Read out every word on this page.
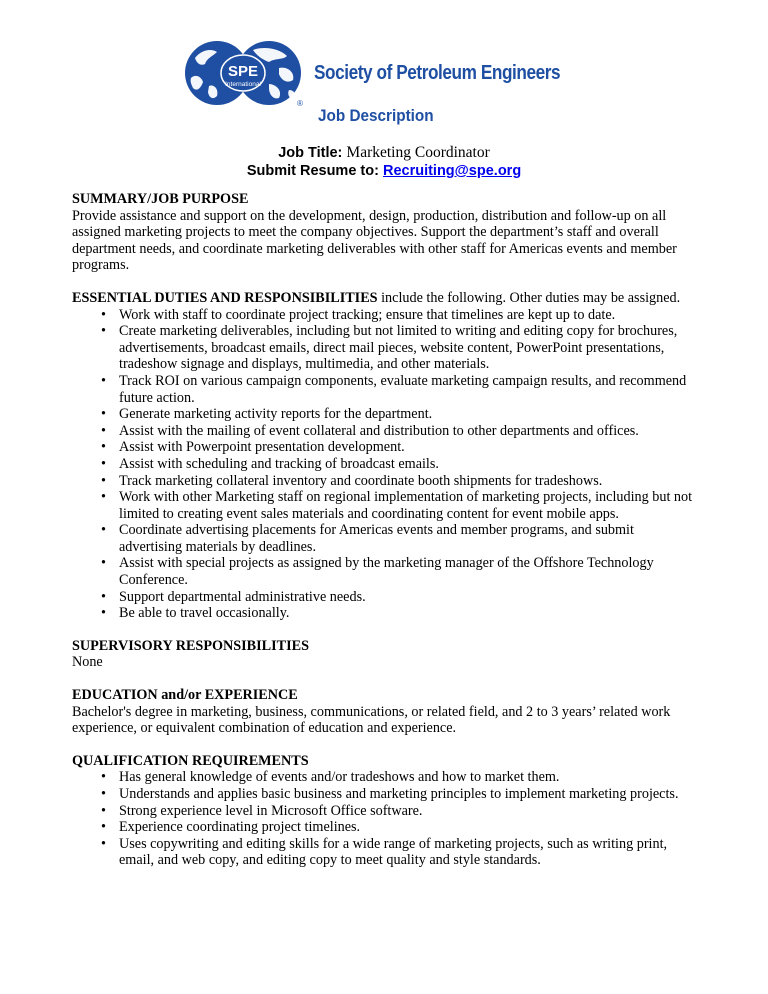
SPE
International
®
Society of Petroleum Engineers
Job Description
Job Title: Marketing Coordinator
Submit Resume to: Recruiting@spe.org
SUMMARY/JOB PURPOSE

Provide assistance and support on the development, design, production, distribution and follow-up on all assigned marketing projects to meet the company objectives. Support the department’s staff and overall department needs, and coordinate marketing deliverables with other staff for Americas events and member programs.

ESSENTIAL DUTIES AND RESPONSIBILITIES include the following. Other duties may be assigned.
• Work with staff to coordinate project tracking; ensure that timelines are kept up to date.
• Create marketing deliverables, including but not limited to writing and editing copy for brochures, advertisements, broadcast emails, direct mail pieces, website content, PowerPoint presentations, tradeshow signage and displays, multimedia, and other materials.
• Track ROI on various campaign components, evaluate marketing campaign results, and recommend future action.
• Generate marketing activity reports for the department.
• Assist with the mailing of event collateral and distribution to other departments and offices.
• Assist with Powerpoint presentation development.
• Assist with scheduling and tracking of broadcast emails.
• Track marketing collateral inventory and coordinate booth shipments for tradeshows.
• Work with other Marketing staff on regional implementation of marketing projects, including but not limited to creating event sales materials and coordinating content for event mobile apps.
• Coordinate advertising placements for Americas events and member programs, and submit advertising materials by deadlines.
• Assist with special projects as assigned by the marketing manager of the Offshore Technology Conference.
• Support departmental administrative needs.
• Be able to travel occasionally.
SUPERVISORY RESPONSIBILITIES

None

EDUCATION and/or EXPERIENCE

Bachelor's degree in marketing, business, communications, or related field, and 2 to 3 years’ related work experience, or equivalent combination of education and experience.

QUALIFICATION REQUIREMENTS
• Has general knowledge of events and/or tradeshows and how to market them.
• Understands and applies basic business and marketing principles to implement marketing projects.
• Strong experience level in Microsoft Office software.
• Experience coordinating project timelines.
• Uses copywriting and editing skills for a wide range of marketing projects, such as writing print, email, and web copy, and editing copy to meet quality and style standards.
